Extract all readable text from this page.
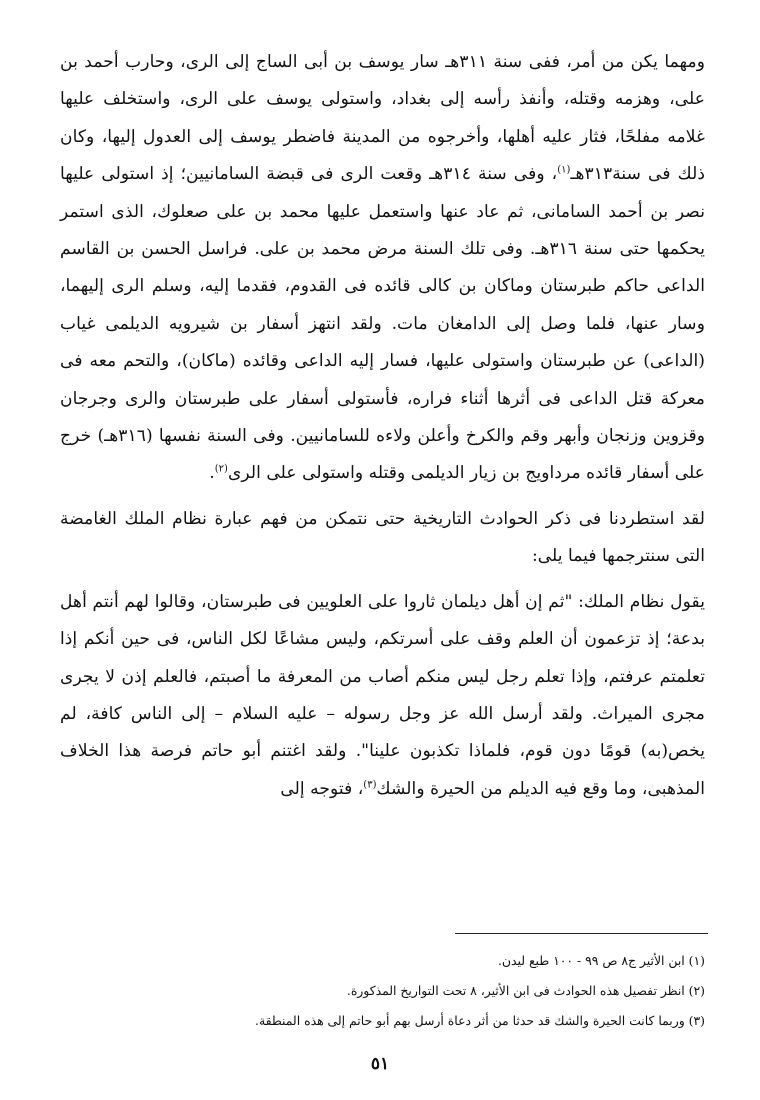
ومهما يكن من أمر، ففى سنة ٣١١هـ سار يوسف بن أبى الساج إلى الرى، وحارب أحمد بن على، وهزمه وقتله، وأنفذ رأسه إلى بغداد، واستولى يوسف على الرى، واستخلف عليها غلامه مفلحًا، فثار عليه أهلها، وأخرجوه من المدينة فاضطر يوسف إلى العدول إليها، وكان ذلك فى سنة٣١٣هـ$^{(١)}$، وفى سنة ٣١٤هـ وقعت الرى فى قبضة السامانيين؛ إذ استولى عليها نصر بن أحمد السامانى، ثم عاد عنها واستعمل عليها محمد بن على صعلوك، الذى استمر يحكمها حتى سنة ٣١٦هـ. وفى تلك السنة مرض محمد بن على. فراسل الحسن بن القاسم الداعى حاكم طبرستان وماكان بن كالى قائده فى القدوم، فقدما إليه، وسلم الرى إليهما، وسار عنها، فلما وصل إلى الدامغان مات. ولقد انتهز أسفار بن شيرويه الديلمى غياب (الداعى) عن طبرستان واستولى عليها، فسار إليه الداعى وقائده (ماكان)، والتحم معه فى معركة قتل الداعى فى أثرها أثناء فراره، فأستولى أسفار على طبرستان والرى وجرجان وقزوين وزنجان وأبهر وقم والكرخ وأعلن ولاءه للسامانيين. وفى السنة نفسها (٣١٦هـ) خرج على أسفار قائده مرداويج بن زيار الديلمى وقتله واستولى على الرى$^{(٢)}$.

لقد استطردنا فى ذكر الحوادث التاريخية حتى نتمكن من فهم عبارة نظام الملك الغامضة التى سنترجمها فيما يلى:

يقول نظام الملك: "ثم إن أهل ديلمان ثاروا على العلويين فى طبرستان، وقالوا لهم أنتم أهل بدعة؛ إذ تزعمون أن العلم وقف على أسرتكم، وليس مشاعًا لكل الناس، فى حين أنكم إذا تعلمتم عرفتم، وإذا تعلم رجل ليس منكم أصاب من المعرفة ما أصبتم، فالعلم إذن لا يجرى مجرى الميراث. ولقد أرسل الله عز وجل رسوله – عليه السلام – إلى الناس كافة، لم يخص(به) قومًا دون قوم، فلماذا تكذبون علينا". ولقد اغتنم أبو حاتم فرصة هذا الخلاف المذهبى، وما وقع فيه الديلم من الحيرة والشك$^{(٣)}$، فتوجه إلى

(١) ابن الأثير ج٨ ص ٩٩ - ١٠٠ طبع ليدن.

(٢) انظر تفصيل هذه الحوادث فى ابن الأثير، ٨ تحت التواريخ المذكورة.

(٣) وربما كانت الحيرة والشك قد حدثا من أثر دعاة أرسل بهم أبو حاتم إلى هذه المنطقة.

٥١
